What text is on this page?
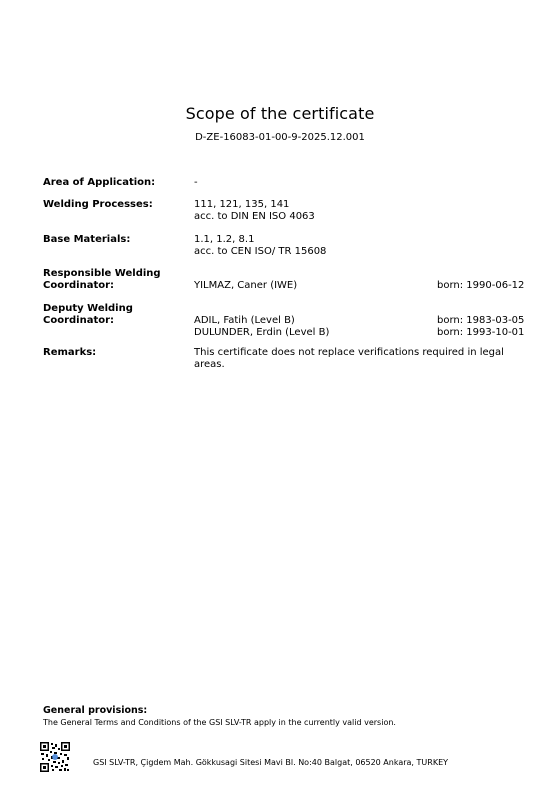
Scope of the certificate
D-ZE-16083-01-00-9-2025.12.001
Area of Application:	-
Welding Processes:	111, 121, 135, 141
acc. to DIN EN ISO 4063
Base Materials:	1.1, 1.2, 8.1
acc. to CEN ISO/ TR 15608
Responsible Welding
Coordinator:	YILMAZ, Caner (IWE)	born: 1990-06-12
Deputy Welding
Coordinator:	ADIL, Fatih (Level B)	born: 1983-03-05
DULUNDER, Erdin (Level B)	born: 1993-10-01
Remarks:	This certificate does not replace verifications required in legal areas.
General provisions:
The General Terms and Conditions of the GSI SLV-TR apply in the currently valid version.
GSI SLV-TR, Çigdem Mah. Gökkusagi Sitesi Mavi Bl. No:40 Balgat, 06520 Ankara, TURKEY
